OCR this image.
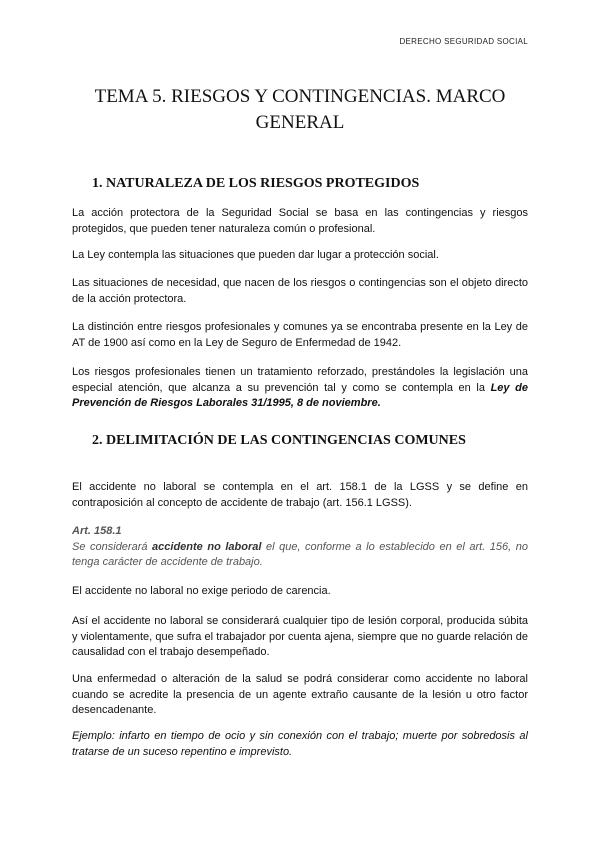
DERECHO SEGURIDAD SOCIAL
TEMA 5. RIESGOS Y CONTINGENCIAS. MARCO
GENERAL
1. NATURALEZA DE LOS RIESGOS PROTEGIDOS
La acción protectora de la Seguridad Social se basa en las contingencias y riesgos protegidos, que pueden tener naturaleza común o profesional.
La Ley contempla las situaciones que pueden dar lugar a protección social.
Las situaciones de necesidad, que nacen de los riesgos o contingencias son el objeto directo de la acción protectora.
La distinción entre riesgos profesionales y comunes ya se encontraba presente en la Ley de AT de 1900 así como en la Ley de Seguro de Enfermedad de 1942.
Los riesgos profesionales tienen un tratamiento reforzado, prestándoles la legislación una especial atención, que alcanza a su prevención tal y como se contempla en la Ley de Prevención de Riesgos Laborales 31/1995, 8 de noviembre.
2. DELIMITACIÓN DE LAS CONTINGENCIAS COMUNES
El accidente no laboral se contempla en el art. 158.1 de la LGSS y se define en contraposición al concepto de accidente de trabajo (art. 156.1 LGSS).
Art. 158.1
Se considerará accidente no laboral el que, conforme a lo establecido en el art. 156, no tenga carácter de accidente de trabajo.
El accidente no laboral no exige periodo de carencia.
Así el accidente no laboral se considerará cualquier tipo de lesión corporal, producida súbita y violentamente, que sufra el trabajador por cuenta ajena, siempre que no guarde relación de causalidad con el trabajo desempeñado.
Una enfermedad o alteración de la salud se podrá considerar como accidente no laboral cuando se acredite la presencia de un agente extraño causante de la lesión u otro factor desencadenante.
Ejemplo: infarto en tiempo de ocio y sin conexión con el trabajo; muerte por sobredosis al tratarse de un suceso repentino e imprevisto.
